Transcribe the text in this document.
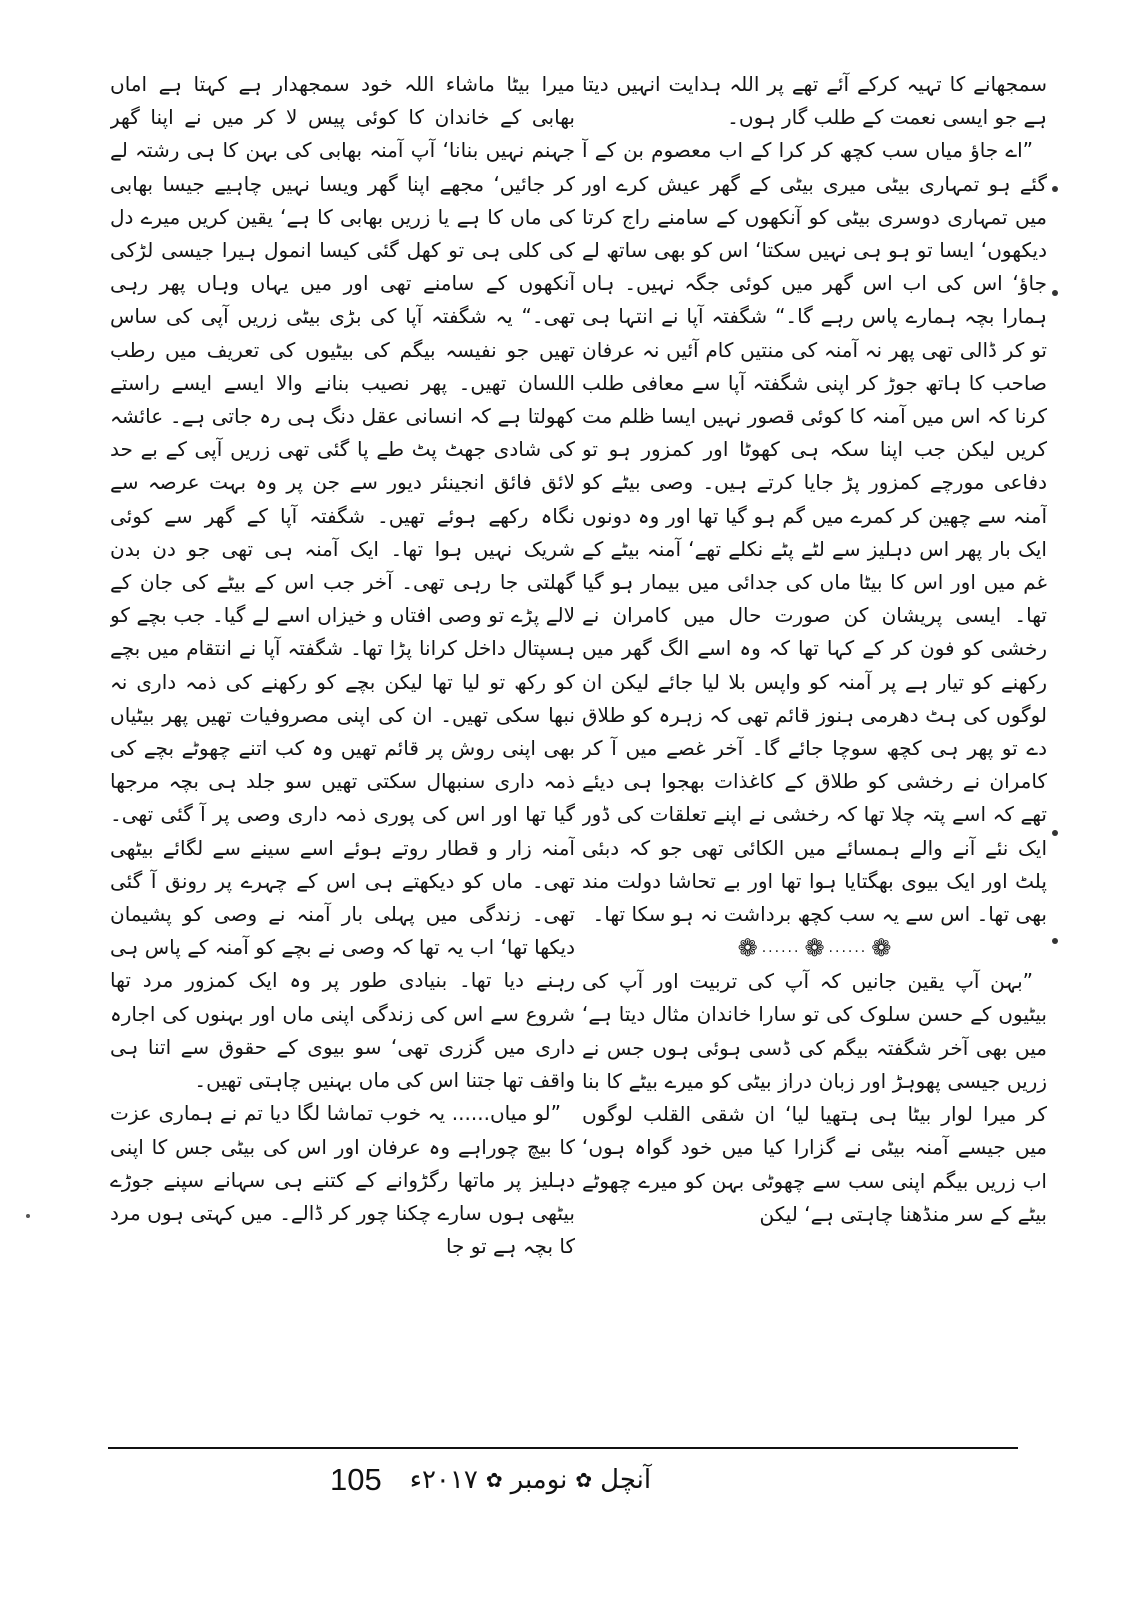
سمجھانے کا تہیہ کرکے آئے تھے پر اللہ ہدایت انہیں دیتا ہے جو ایسی نعمت کے طلب گار ہوں۔

”اے جاؤ میاں سب کچھ کر کرا کے اب معصوم بن کے آ گئے ہو تمہاری بیٹی میری بیٹی کے گھر عیش کرے اور میں تمہاری دوسری بیٹی کو آنکھوں کے سامنے راج کرتا دیکھوں‘ ایسا تو ہو ہی نہیں سکتا‘ اس کو بھی ساتھ لے جاؤ‘ اس کی اب اس گھر میں کوئی جگہ نہیں۔ ہاں ہمارا بچہ ہمارے پاس رہے گا۔“ شگفتہ آپا نے انتہا ہی تو کر ڈالی تھی پھر نہ آمنہ کی منتیں کام آئیں نہ عرفان صاحب کا ہاتھ جوڑ کر اپنی شگفتہ آپا سے معافی طلب کرنا کہ اس میں آمنہ کا کوئی قصور نہیں ایسا ظلم مت کریں لیکن جب اپنا سکہ ہی کھوٹا اور کمزور ہو تو دفاعی مورچے کمزور پڑ جایا کرتے ہیں۔ وصی بیٹے کو آمنہ سے چھین کر کمرے میں گم ہو گیا تھا اور وہ دونوں ایک بار پھر اس دہلیز سے لٹے پٹے نکلے تھے‘ آمنہ بیٹے کے غم میں اور اس کا بیٹا ماں کی جدائی میں بیمار ہو گیا تھا۔ ایسی پریشان کن صورت حال میں کامران نے رخشی کو فون کر کے کہا تھا کہ وہ اسے الگ گھر میں رکھنے کو تیار ہے پر آمنہ کو واپس بلا لیا جائے لیکن ان لوگوں کی ہٹ دھرمی ہنوز قائم تھی کہ زہرہ کو طلاق دے تو پھر ہی کچھ سوچا جائے گا۔ آخر غصے میں آ کر کامران نے رخشی کو طلاق کے کاغذات بھجوا ہی دیئے تھے کہ اسے پتہ چلا تھا کہ رخشی نے اپنے تعلقات کی ڈور ایک نئے آنے والے ہمسائے میں الکائی تھی جو کہ دبئی پلٹ اور ایک بیوی بھگتایا ہوا تھا اور بے تحاشا دولت مند بھی تھا۔ اس سے یہ سب کچھ برداشت نہ ہو سکا تھا۔

❁ ...... ❁ ...... ❁

”بہن آپ یقین جانیں کہ آپ کی تربیت اور آپ کی بیٹیوں کے حسن سلوک کی تو سارا خاندان مثال دیتا ہے‘ میں بھی آخر شگفتہ بیگم کی ڈسی ہوئی ہوں جس نے زریں جیسی پھوہڑ اور زبان دراز بیٹی کو میرے بیٹے کا بنا کر میرا لوار بیٹا ہی ہتھیا لیا‘ ان شقی القلب لوگوں میں جیسے آمنہ بیٹی نے گزارا کیا میں خود گواہ ہوں‘ اب زریں بیگم اپنی سب سے چھوٹی بہن کو میرے چھوٹے بیٹے کے سر منڈھنا چاہتی ہے‘ لیکن

میرا بیٹا ماشاء اللہ خود سمجھدار ہے کہتا ہے اماں بھابی کے خاندان کا کوئی پیس لا کر میں نے اپنا گھر جہنم نہیں بنانا‘ آپ آمنہ بھابی کی بہن کا ہی رشتہ لے کر جائیں‘ مجھے اپنا گھر ویسا نہیں چاہیے جیسا بھابی کی ماں کا ہے یا زریں بھابی کا ہے‘ یقین کریں میرے دل کی کلی ہی تو کھل گئی کیسا انمول ہیرا جیسی لڑکی آنکھوں کے سامنے تھی اور میں یہاں وہاں پھر رہی تھی۔“ یہ شگفتہ آپا کی بڑی بیٹی زریں آپی کی ساس تھیں جو نفیسہ بیگم کی بیٹیوں کی تعریف میں رطب اللسان تھیں۔ پھر نصیب بنانے والا ایسے ایسے راستے کھولتا ہے کہ انسانی عقل دنگ ہی رہ جاتی ہے۔ عائشہ کی شادی جھٹ پٹ طے پا گئی تھی زریں آپی کے بے حد لائق فائق انجینئر دیور سے جن پر وہ بہت عرصہ سے نگاہ رکھے ہوئے تھیں۔ شگفتہ آپا کے گھر سے کوئی شریک نہیں ہوا تھا۔ ایک آمنہ ہی تھی جو دن بدن گھلتی جا رہی تھی۔ آخر جب اس کے بیٹے کی جان کے لالے پڑے تو وصی افتاں و خیزاں اسے لے گیا۔ جب بچے کو ہسپتال داخل کرانا پڑا تھا۔ شگفتہ آپا نے انتقام میں بچے کو رکھ تو لیا تھا لیکن بچے کو رکھنے کی ذمہ داری نہ نبھا سکی تھیں۔ ان کی اپنی مصروفیات تھیں پھر بیٹیاں بھی اپنی روش پر قائم تھیں وہ کب اتنے چھوٹے بچے کی ذمہ داری سنبھال سکتی تھیں سو جلد ہی بچہ مرجھا گیا تھا اور اس کی پوری ذمہ داری وصی پر آ گئی تھی۔ آمنہ زار و قطار روتے ہوئے اسے سینے سے لگائے بیٹھی تھی۔ ماں کو دیکھتے ہی اس کے چہرے پر رونق آ گئی تھی۔ زندگی میں پہلی بار آمنہ نے وصی کو پشیمان دیکھا تھا‘ اب یہ تھا کہ وصی نے بچے کو آمنہ کے پاس ہی رہنے دیا تھا۔ بنیادی طور پر وہ ایک کمزور مرد تھا شروع سے اس کی زندگی اپنی ماں اور بہنوں کی اجارہ داری میں گزری تھی‘ سو بیوی کے حقوق سے اتنا ہی واقف تھا جتنا اس کی ماں بہنیں چاہتی تھیں۔

”لو میاں...... یہ خوب تماشا لگا دیا تم نے ہماری عزت کا بیچ چوراہے وہ عرفان اور اس کی بیٹی جس کا اپنی دہلیز پر ماتھا رگڑوانے کے کتنے ہی سہانے سپنے جوڑے بیٹھی ہوں سارے چکنا چور کر ڈالے۔ میں کہتی ہوں مرد کا بچہ ہے تو جا

105	آنچل
✿
نومبر
✿
۲۰۱۷ء
